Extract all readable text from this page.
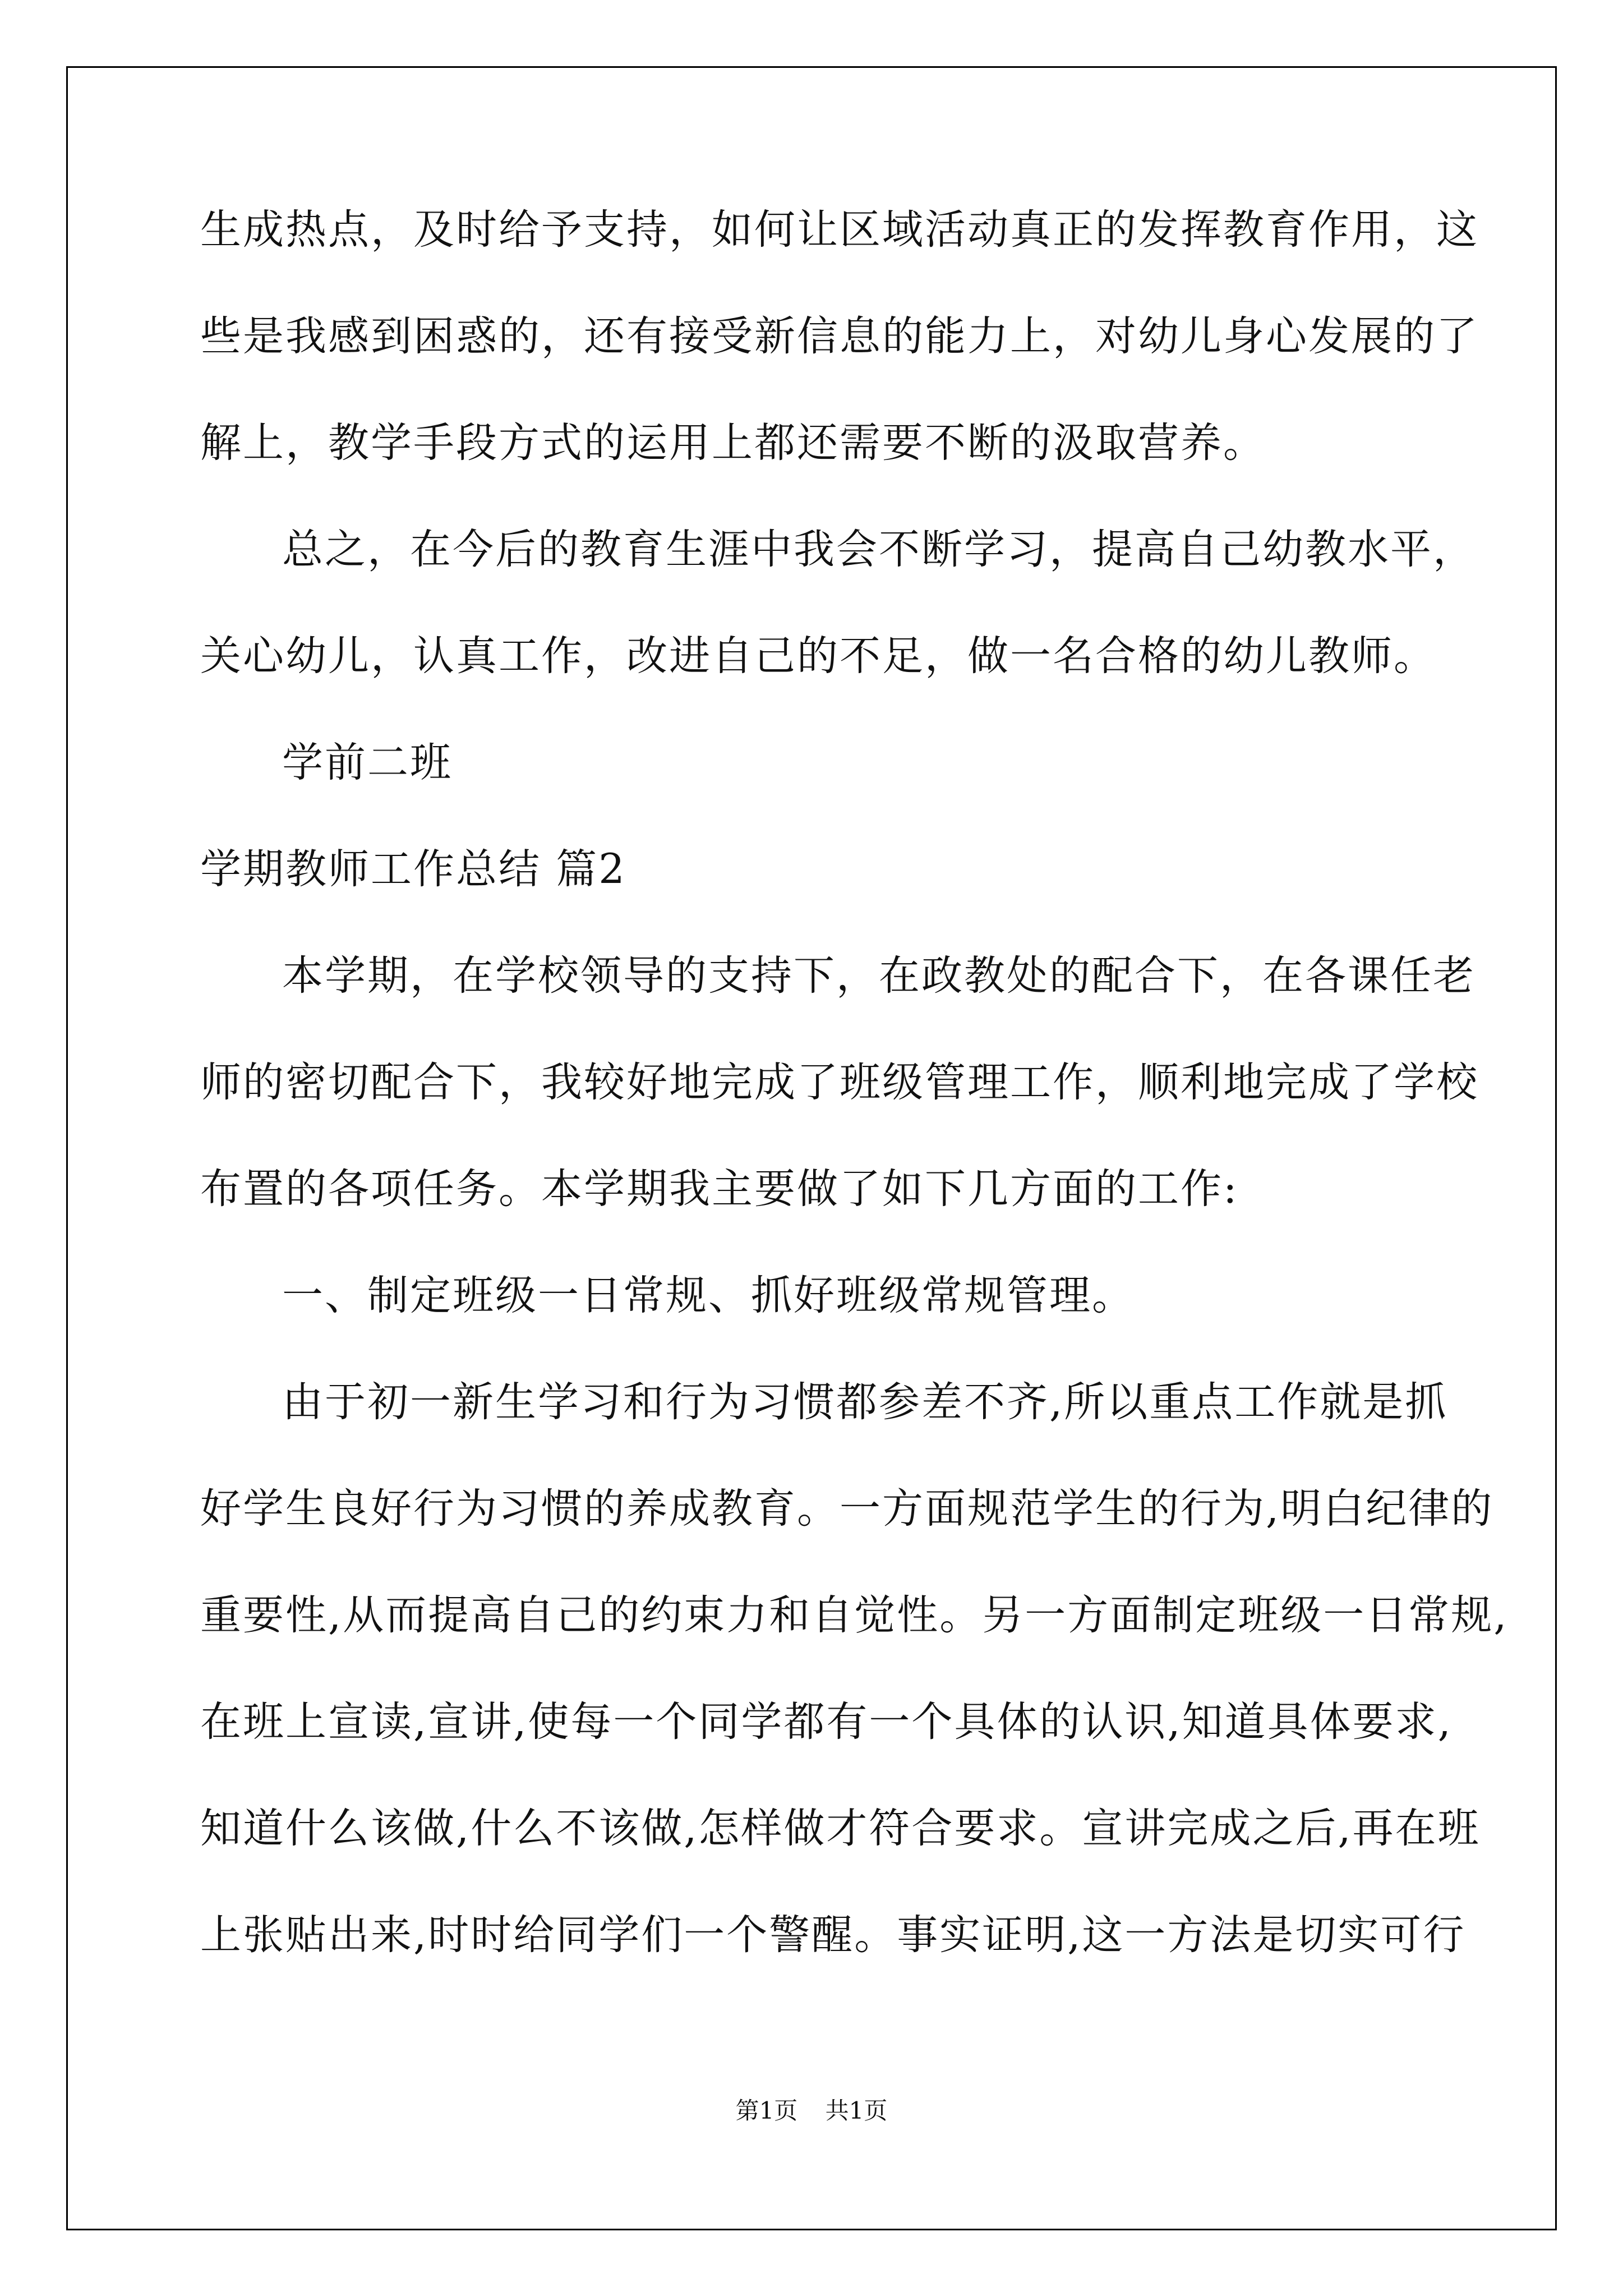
生成热点，及时给予支持，如何让区域活动真正的发挥教育作用，这
些是我感到困惑的，还有接受新信息的能力上，对幼儿身心发展的了
解上，教学手段方式的运用上都还需要不断的汲取营养。
总之，在今后的教育生涯中我会不断学习，提高自己幼教水平，
关心幼儿，认真工作，改进自己的不足，做一名合格的幼儿教师。
学前二班
学期教师工作总结 篇2
本学期，在学校领导的支持下，在政教处的配合下，在各课任老
师的密切配合下，我较好地完成了班级管理工作，顺利地完成了学校
布置的各项任务。本学期我主要做了如下几方面的工作:
一、制定班级一日常规、抓好班级常规管理。
由于初一新生学习和行为习惯都参差不齐,所以重点工作就是抓
好学生良好行为习惯的养成教育。一方面规范学生的行为,明白纪律的
重要性,从而提高自己的约束力和自觉性。另一方面制定班级一日常规,
在班上宣读,宣讲,使每一个同学都有一个具体的认识,知道具体要求,
知道什么该做,什么不该做,怎样做才符合要求。宣讲完成之后,再在班
上张贴出来,时时给同学们一个警醒。事实证明,这一方法是切实可行
第1页 共1页
